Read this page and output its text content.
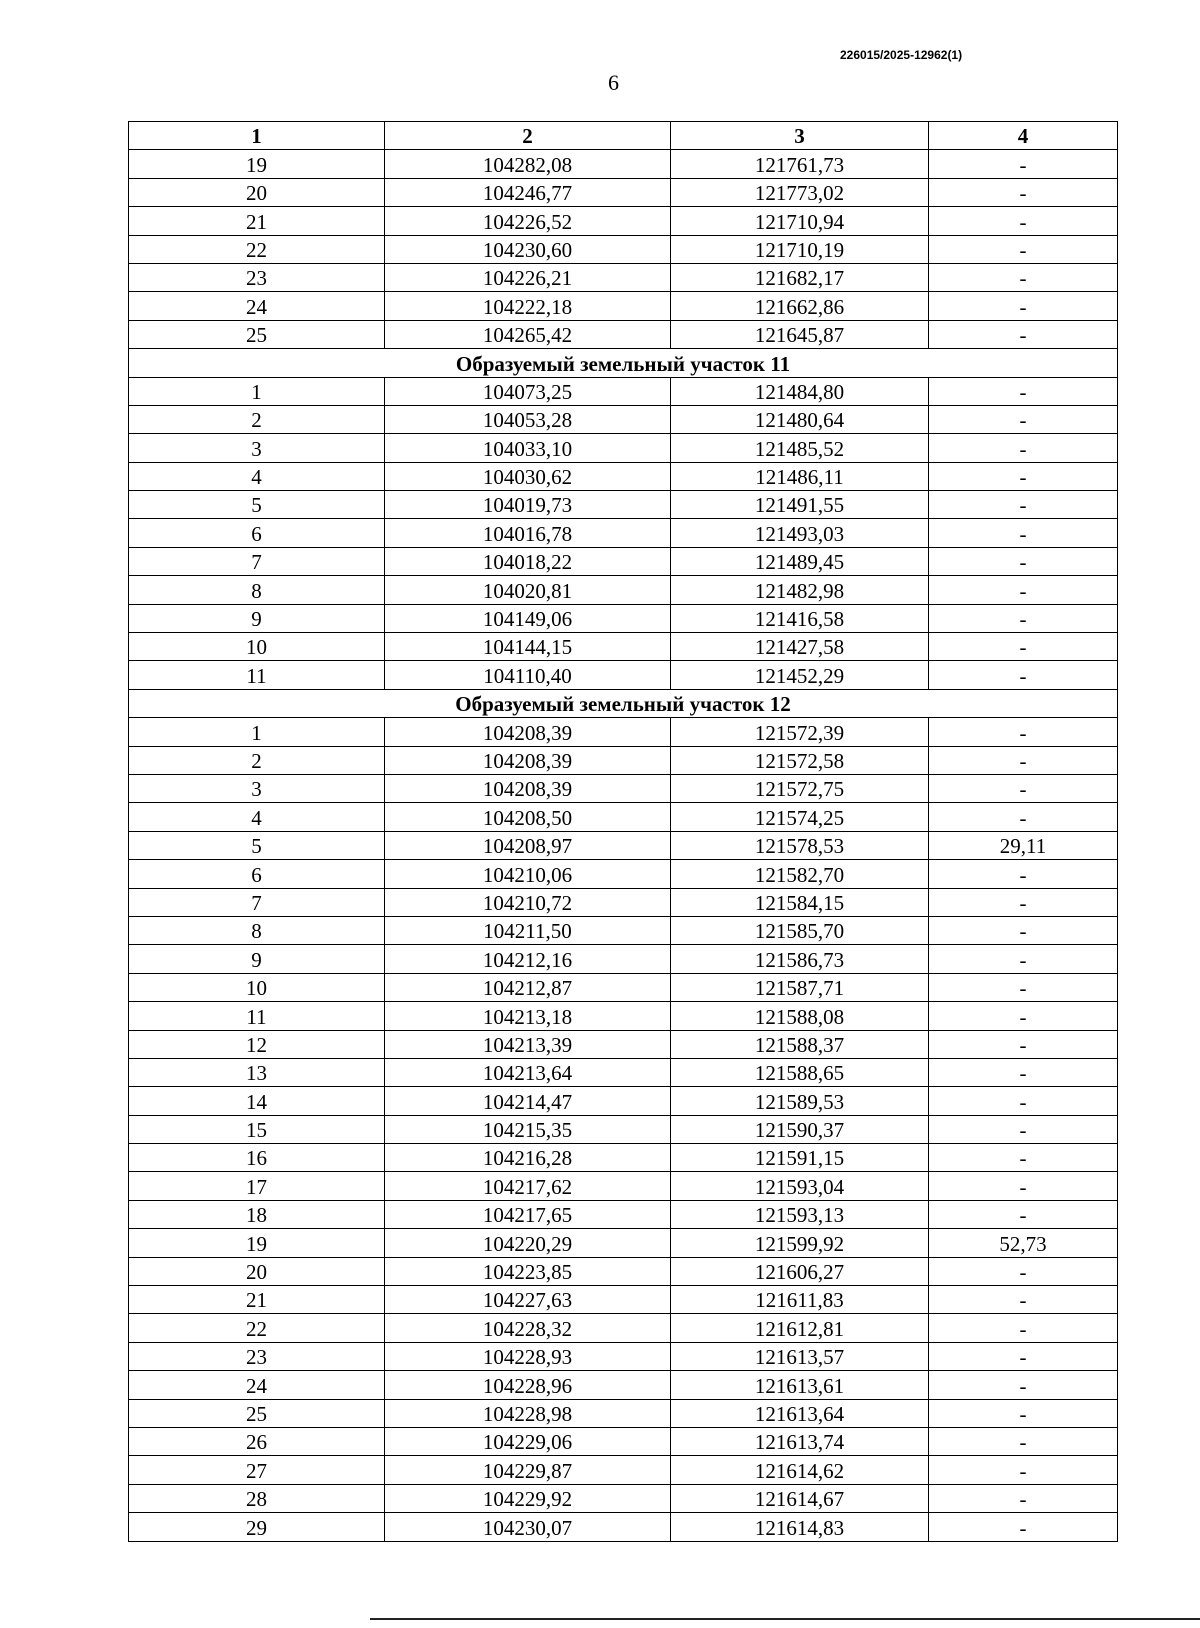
226015/2025-12962(1)
6
1	2	3	4
19	104282,08	121761,73	-
20	104246,77	121773,02	-
21	104226,52	121710,94	-
22	104230,60	121710,19	-
23	104226,21	121682,17	-
24	104222,18	121662,86	-
25	104265,42	121645,87	-
Образуемый земельный участок 11			
1	104073,25	121484,80	-
2	104053,28	121480,64	-
3	104033,10	121485,52	-
4	104030,62	121486,11	-
5	104019,73	121491,55	-
6	104016,78	121493,03	-
7	104018,22	121489,45	-
8	104020,81	121482,98	-
9	104149,06	121416,58	-
10	104144,15	121427,58	-
11	104110,40	121452,29	-
Образуемый земельный участок 12			
1	104208,39	121572,39	-
2	104208,39	121572,58	-
3	104208,39	121572,75	-
4	104208,50	121574,25	-
5	104208,97	121578,53	29,11
6	104210,06	121582,70	-
7	104210,72	121584,15	-
8	104211,50	121585,70	-
9	104212,16	121586,73	-
10	104212,87	121587,71	-
11	104213,18	121588,08	-
12	104213,39	121588,37	-
13	104213,64	121588,65	-
14	104214,47	121589,53	-
15	104215,35	121590,37	-
16	104216,28	121591,15	-
17	104217,62	121593,04	-
18	104217,65	121593,13	-
19	104220,29	121599,92	52,73
20	104223,85	121606,27	-
21	104227,63	121611,83	-
22	104228,32	121612,81	-
23	104228,93	121613,57	-
24	104228,96	121613,61	-
25	104228,98	121613,64	-
26	104229,06	121613,74	-
27	104229,87	121614,62	-
28	104229,92	121614,67	-
29	104230,07	121614,83	-
